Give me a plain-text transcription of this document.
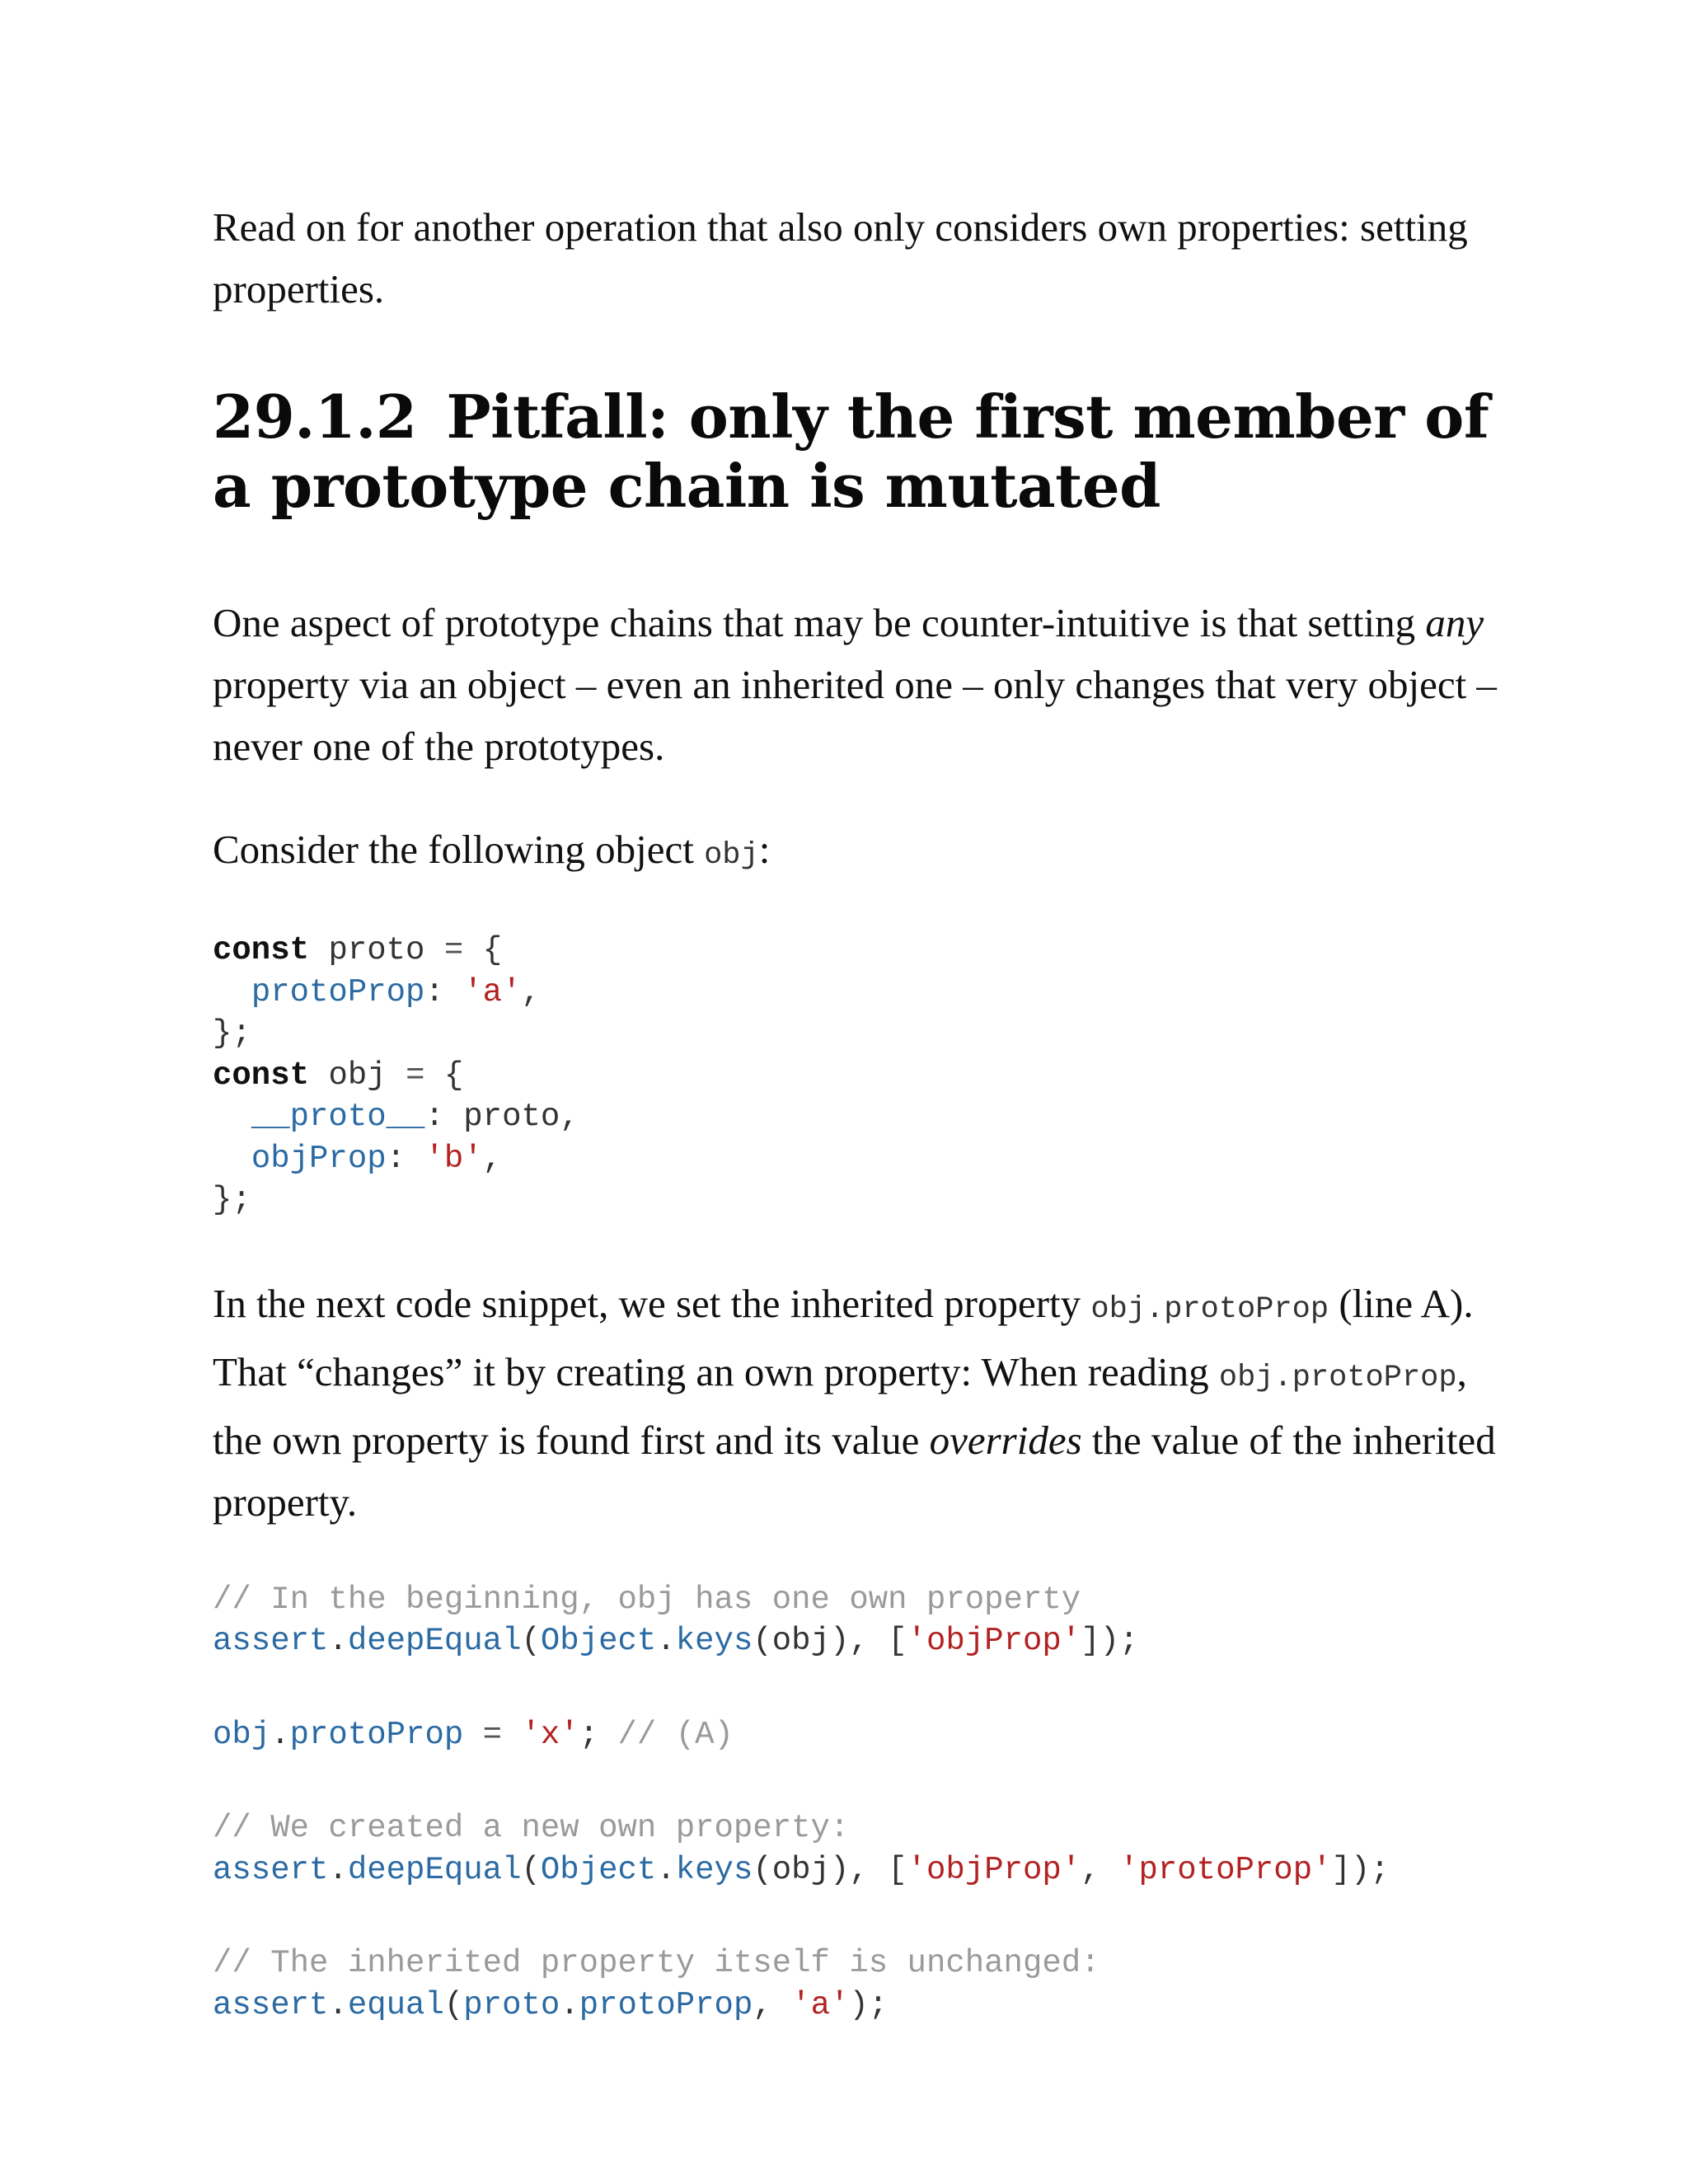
Read on for another operation that also only considers own properties: setting properties.

29.1.2 Pitfall: only the first member of a prototype chain is mutated

One aspect of prototype chains that may be counter-intuitive is that setting any property via an object – even an inherited one – only changes that very object – never one of the prototypes.

Consider the following object obj:

const proto = {
protoProp: 'a',
};
const obj = {
__proto__: proto,
objProp: 'b',
};

In the next code snippet, we set the inherited property obj.protoProp (line A). That “changes” it by creating an own property: When reading obj.protoProp, the own property is found first and its value overrides the value of the inherited property.

// In the beginning, obj has one own property
assert.deepEqual(Object.keys(obj), ['objProp']);

obj.protoProp = 'x'; // (A)

// We created a new own property:
assert.deepEqual(Object.keys(obj), ['objProp', 'protoProp']);

// The inherited property itself is unchanged:
assert.equal(proto.protoProp, 'a');
